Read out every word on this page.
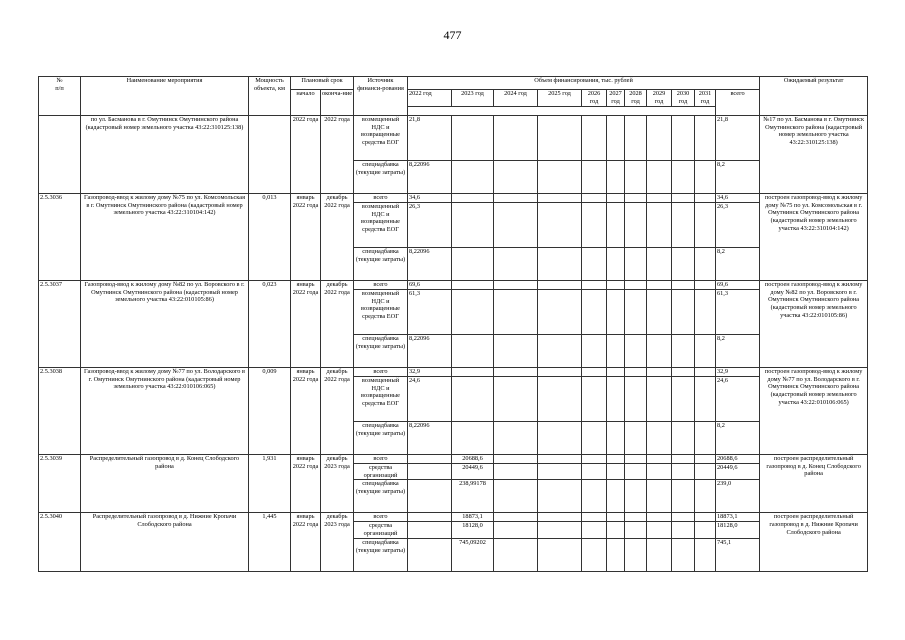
477
№
п/п	Наименование мероприятия	Мощность объекта, км	Плановый срок		Источник финанси-рования	Объем финансирования, тыс. рублей											Ожидаемый результат
			начало	оконча-ние		2022 год	2023 год	2024 год	2025 год	2026 год	2027 год	2028 год	2029 год	2030 год	2031 год	всего	

	по ул. Басманова в г. Омутнинск Омутнинского района (кадастровый номер земельного участка 43:22:310125:138)		2022 года	2022 года	возмещенный НДС и возвращенные средства ЕОГ	21,8										21,8	№17 по ул. Басманова в г. Омутнинск Омутнинского района (кадастровый номер земельного участка 43:22:310125:138)
					спецнадбавка (текущие затраты)	8,22096										8,2	
2.5.3036	Газопровод-ввод к жилому дому №75 по ул. Комсомольская в г. Омутнинск Омутнинского района (кадастровый номер земельного участка 43:22:310104:142)	0,013	январь 2022 года	декабрь 2022 года	всего	34,6										34,6	построен газопровод-ввод к жилому дому №75 по ул. Комсомольская в г. Омутнинск Омутнинского района (кадастровый номер земельного участка 43:22:310104:142)
					возмещенный НДС и возвращенные средства ЕОГ	26,3										26,3	
					спецнадбавка (текущие затраты)	8,22096										8,2	
2.5.3037	Газопровод-ввод к жилому дому №82 по ул. Воровского в г. Омутнинск Омутнинского района (кадастровый номер земельного участка 43:22:010105:86)	0,023	январь 2022 года	декабрь 2022 года	всего	69,6										69,6	построен газопровод-ввод к жилому дому №82 по ул. Воровского в г. Омутнинск Омутнинского района (кадастровый номер земельного участка 43:22:010105:86)
					возмещенный НДС и возвращенные средства ЕОГ	61,3										61,3	
					спецнадбавка (текущие затраты)	8,22096										8,2	
2.5.3038	Газопровод-ввод к жилому дому №77 по ул. Володарского в г. Омутнинск Омутнинского района (кадастровый номер земельного участка 43:22:010106:065)	0,009	январь 2022 года	декабрь 2022 года	всего	32,9										32,9	построен газопровод-ввод к жилому дому №77 по ул. Володарского в г. Омутнинск Омутнинского района (кадастровый номер земельного участка 43:22:010106:065)
					возмещенный НДС и возвращенные средства ЕОГ	24,6										24,6	
					спецнадбавка (текущие затраты)	8,22096										8,2	
2.5.3039	Распределительный газопровод в д. Конец Слободского района	1,931	январь 2022 года	декабрь 2023 года	всего		20688,6									20688,6	построен распределительный газопровод в д. Конец Слободского района
					средства организаций		20449,6									20449,6	
					спецнадбавка (текущие затраты)		238,99178									239,0	
2.5.3040	Распределительный газопровод в д. Нижние Кропачи Слободского района	1,445	январь 2022 года	декабрь 2023 года	всего		18873,1									18873,1	построен распределительный газопровод в д. Нижние Кропачи Слободского района
					средства организаций		18128,0									18128,0	
					спецнадбавка (текущие затраты)		745,09202									745,1	
